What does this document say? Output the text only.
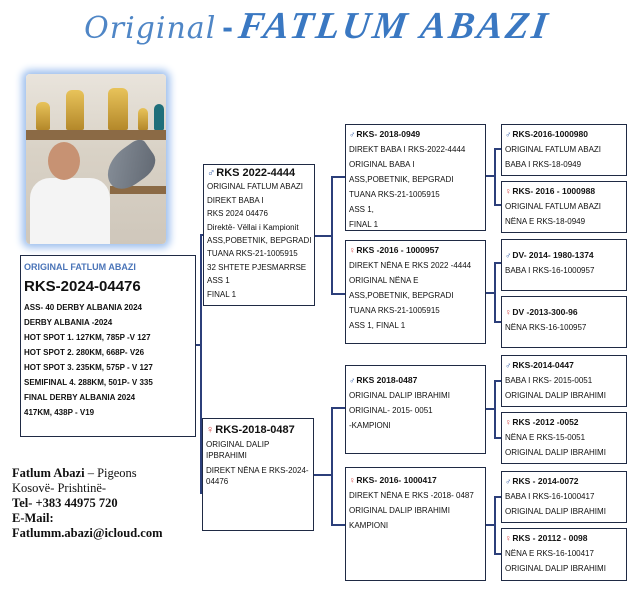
Original -FATLUM ABAZI
ORIGINAL FATLUM ABAZI
RKS-2024-04476
ASS- 40 DERBY ALBANIA 2024
DERBY ALBANIA -2024
HOT SPOT 1. 127KM, 785P -V 127
HOT SPOT 2. 280KM, 668P- V26
HOT SPOT 3. 235KM, 575P - V 127
SEMIFINAL 4. 288KM, 501P- V 335
FINAL DERBY ALBANIA 2024
417KM, 438P - V19
♂RKS 2022-4444
ORIGINAL FATLUM ABAZI
DIREKT BABA I
RKS 2024 04476
Direktë- Vëllai i Kampionit
ASS,POBETNIK, BEPGRADI
TUANA RKS-21-1005915
32 SHTETE PJESMARRSE
ASS 1
FINAL 1
♀RKS-2018-0487
ORIGINAL DALIP
IPBRAHIMI
DIREKT NËNA E RKS-2024-
04476
♂RKS- 2018-0949
DIREKT BABA I RKS-2022-4444
ORIGINAL BABA I
ASS,POBETNIK, BEPGRADI
TUANA RKS-21-1005915
ASS 1,
FINAL 1
♀RKS -2016 - 1000957
DIREKT NËNA E RKS 2022 -4444
ORIGINAL NËNA E
ASS,POBETNIK, BEPGRADI
TUANA RKS-21-1005915
ASS 1, FINAL 1
♂RKS 2018-0487
ORIGINAL DALIP IBRAHIMI
ORIGINAL- 2015- 0051
-KAMPIONI
♀RKS- 2016- 1000417
DIREKT NËNA E RKS -2018- 0487
ORIGINAL DALIP IBRAHIMI
KAMPIONI
♂RKS-2016-1000980
ORIGINAL FATLUM ABAZI
BABA I RKS-18-0949
♀RKS- 2016 - 1000988
ORIGINAL FATLUM ABAZI
NËNA E RKS-18-0949
♂DV- 2014- 1980-1374
BABA I RKS-16-1000957
♀DV -2013-300-96
NËNA RKS-16-100957
♂RKS-2014-0447
BABA I RKS- 2015-0051
ORIGINAL DALIP IBRAHIMI
♀RKS -2012 -0052
NËNA E RKS-15-0051
ORIGINAL DALIP IBRAHIMI
♂RKS - 2014-0072
BABA I RKS-16-1000417
ORIGINAL DALIP IBRAHIMI
♀RKS - 20112 - 0098
NËNA E RKS-16-100417
ORIGINAL DALIP IBRAHIMI
Fatlum Abazi – Pigeons
Kosovë- Prishtinë-
Tel- +383 44975 720
E-Mail:
Fatlumm.abazi@icloud.com
